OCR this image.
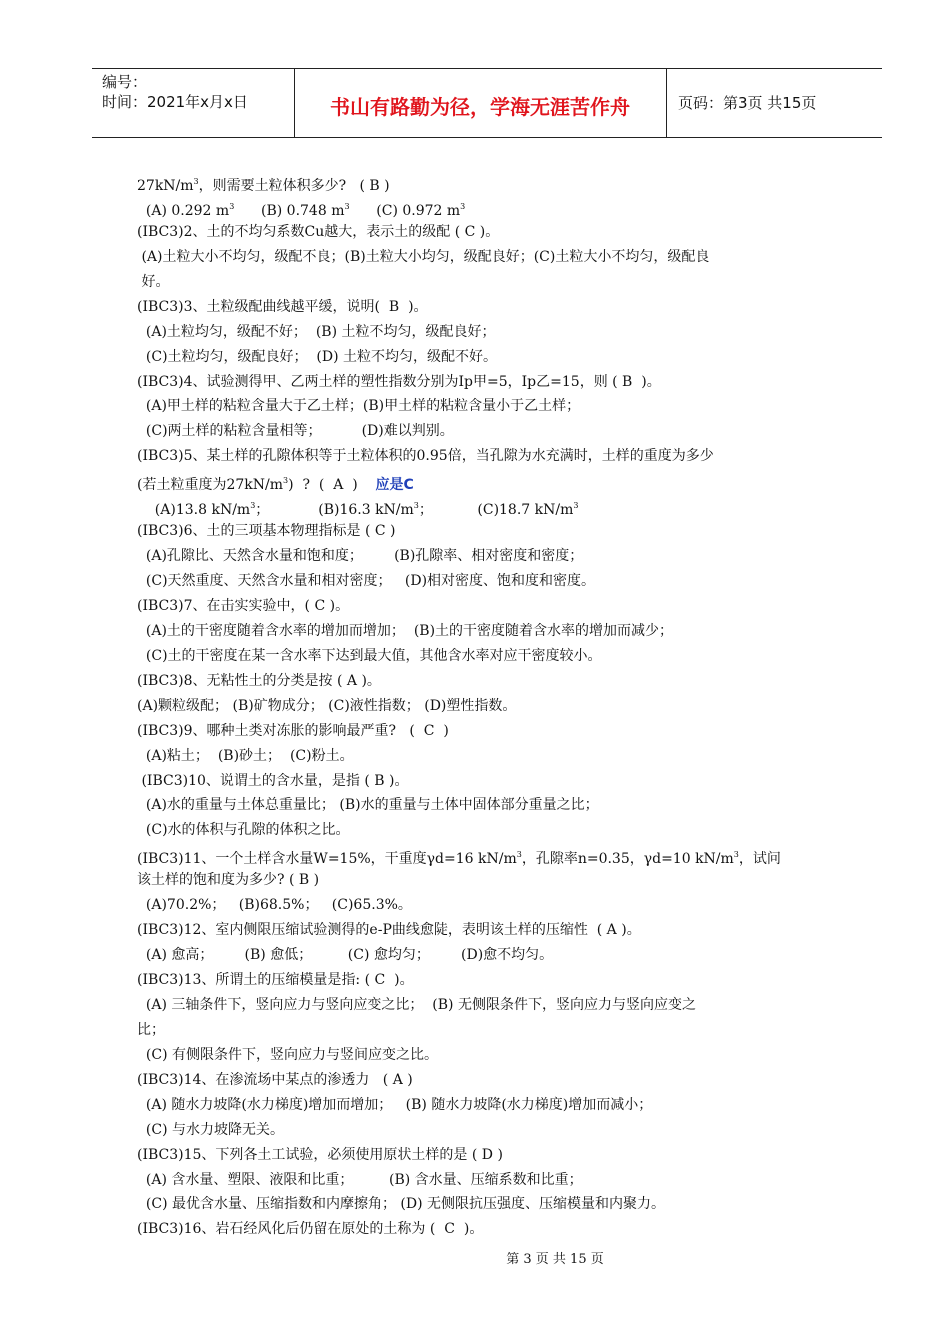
编号：
时间：2021年x月x日	书山有路勤为径，学海无涯苦作舟	页码：第3页 共15页
$27kN/m^3$，则需要土粒体积多少?   ( B )
(A) 0.292 $m^3$      (B) 0.748 $m^3$      (C) 0.972 $m^3$
(IBC3)2、土的不均匀系数Cu越大，表示土的级配 ( C )。
(A)土粒大小不均匀，级配不良；(B)土粒大小均匀，级配良好；(C)土粒大小不均匀，级配良
好。
(IBC3)3、土粒级配曲线越平缓，说明(  B  )。
(A)土粒均匀，级配不好；  (B) 土粒不均匀，级配良好；
(C)土粒均匀，级配良好；  (D) 土粒不均匀，级配不好。
(IBC3)4、试验测得甲、乙两土样的塑性指数分别为Ip甲=5，Ip乙=15，则 ( B  )。
(A)甲土样的粘粒含量大于乙土样；(B)甲土样的粘粒含量小于乙土样；
(C)两土样的粘粒含量相等；         (D)难以判别。
(IBC3)5、某土样的孔隙体积等于土粒体积的0.95倍，当孔隙为水充满时，土样的重度为多少
(若土粒重度为$27kN/m^3$)  ?  (  A  )    应是C
(A)13.8 $kN/m^3$；           (B)16.3 $kN/m^3$；          (C)18.7 $kN/m^3$
(IBC3)6、土的三项基本物理指标是 ( C )
(A)孔隙比、天然含水量和饱和度；       (B)孔隙率、相对密度和密度；
(C)天然重度、天然含水量和相对密度；   (D)相对密度、饱和度和密度。
(IBC3)7、在击实实验中，( C )。
(A)土的干密度随着含水率的增加而增加；  (B)土的干密度随着含水率的增加而减少；
(C)土的干密度在某一含水率下达到最大值，其他含水率对应干密度较小。
(IBC3)8、无粘性土的分类是按 ( A )。
(A)颗粒级配； (B)矿物成分； (C)液性指数； (D)塑性指数。
(IBC3)9、哪种土类对冻胀的影响最严重?   (  C  )
(A)粘土；  (B)砂土；  (C)粉土。
(IBC3)10、说谓土的含水量，是指 ( B )。
(A)水的重量与土体总重量比； (B)水的重量与土体中固体部分重量之比；
(C)水的体积与孔隙的体积之比。
(IBC3)11、一个土样含水量W=15%，干重度γd=16 $kN/m^3$，孔隙率n=0.35，γd=10 $kN/m^3$，试问
该土样的饱和度为多少? ( B )
(A)70.2%；   (B)68.5%；   (C)65.3%。
(IBC3)12、室内侧限压缩试验测得的e-P曲线愈陡，表明该土样的压缩性  ( A )。
(A) 愈高；       (B) 愈低；        (C) 愈均匀；       (D)愈不均匀。
(IBC3)13、所谓土的压缩模量是指: ( C  )。
(A) 三轴条件下，竖向应力与竖向应变之比；  (B) 无侧限条件下，竖向应力与竖向应变之
比；
(C) 有侧限条件下，竖向应力与竖间应变之比。
(IBC3)14、在渗流场中某点的渗透力   ( A )
(A) 随水力坡降(水力梯度)增加而增加；   (B) 随水力坡降(水力梯度)增加而减小；
(C) 与水力坡降无关。
(IBC3)15、下列各土工试验，必须使用原状土样的是 ( D )
(A) 含水量、塑限、液限和比重；        (B) 含水量、压缩系数和比重；
(C) 最优含水量、压缩指数和内摩擦角； (D) 无侧限抗压强度、压缩模量和内聚力。
(IBC3)16、岩石经风化后仍留在原处的土称为 (  C  )。
第 3 页 共 15 页
